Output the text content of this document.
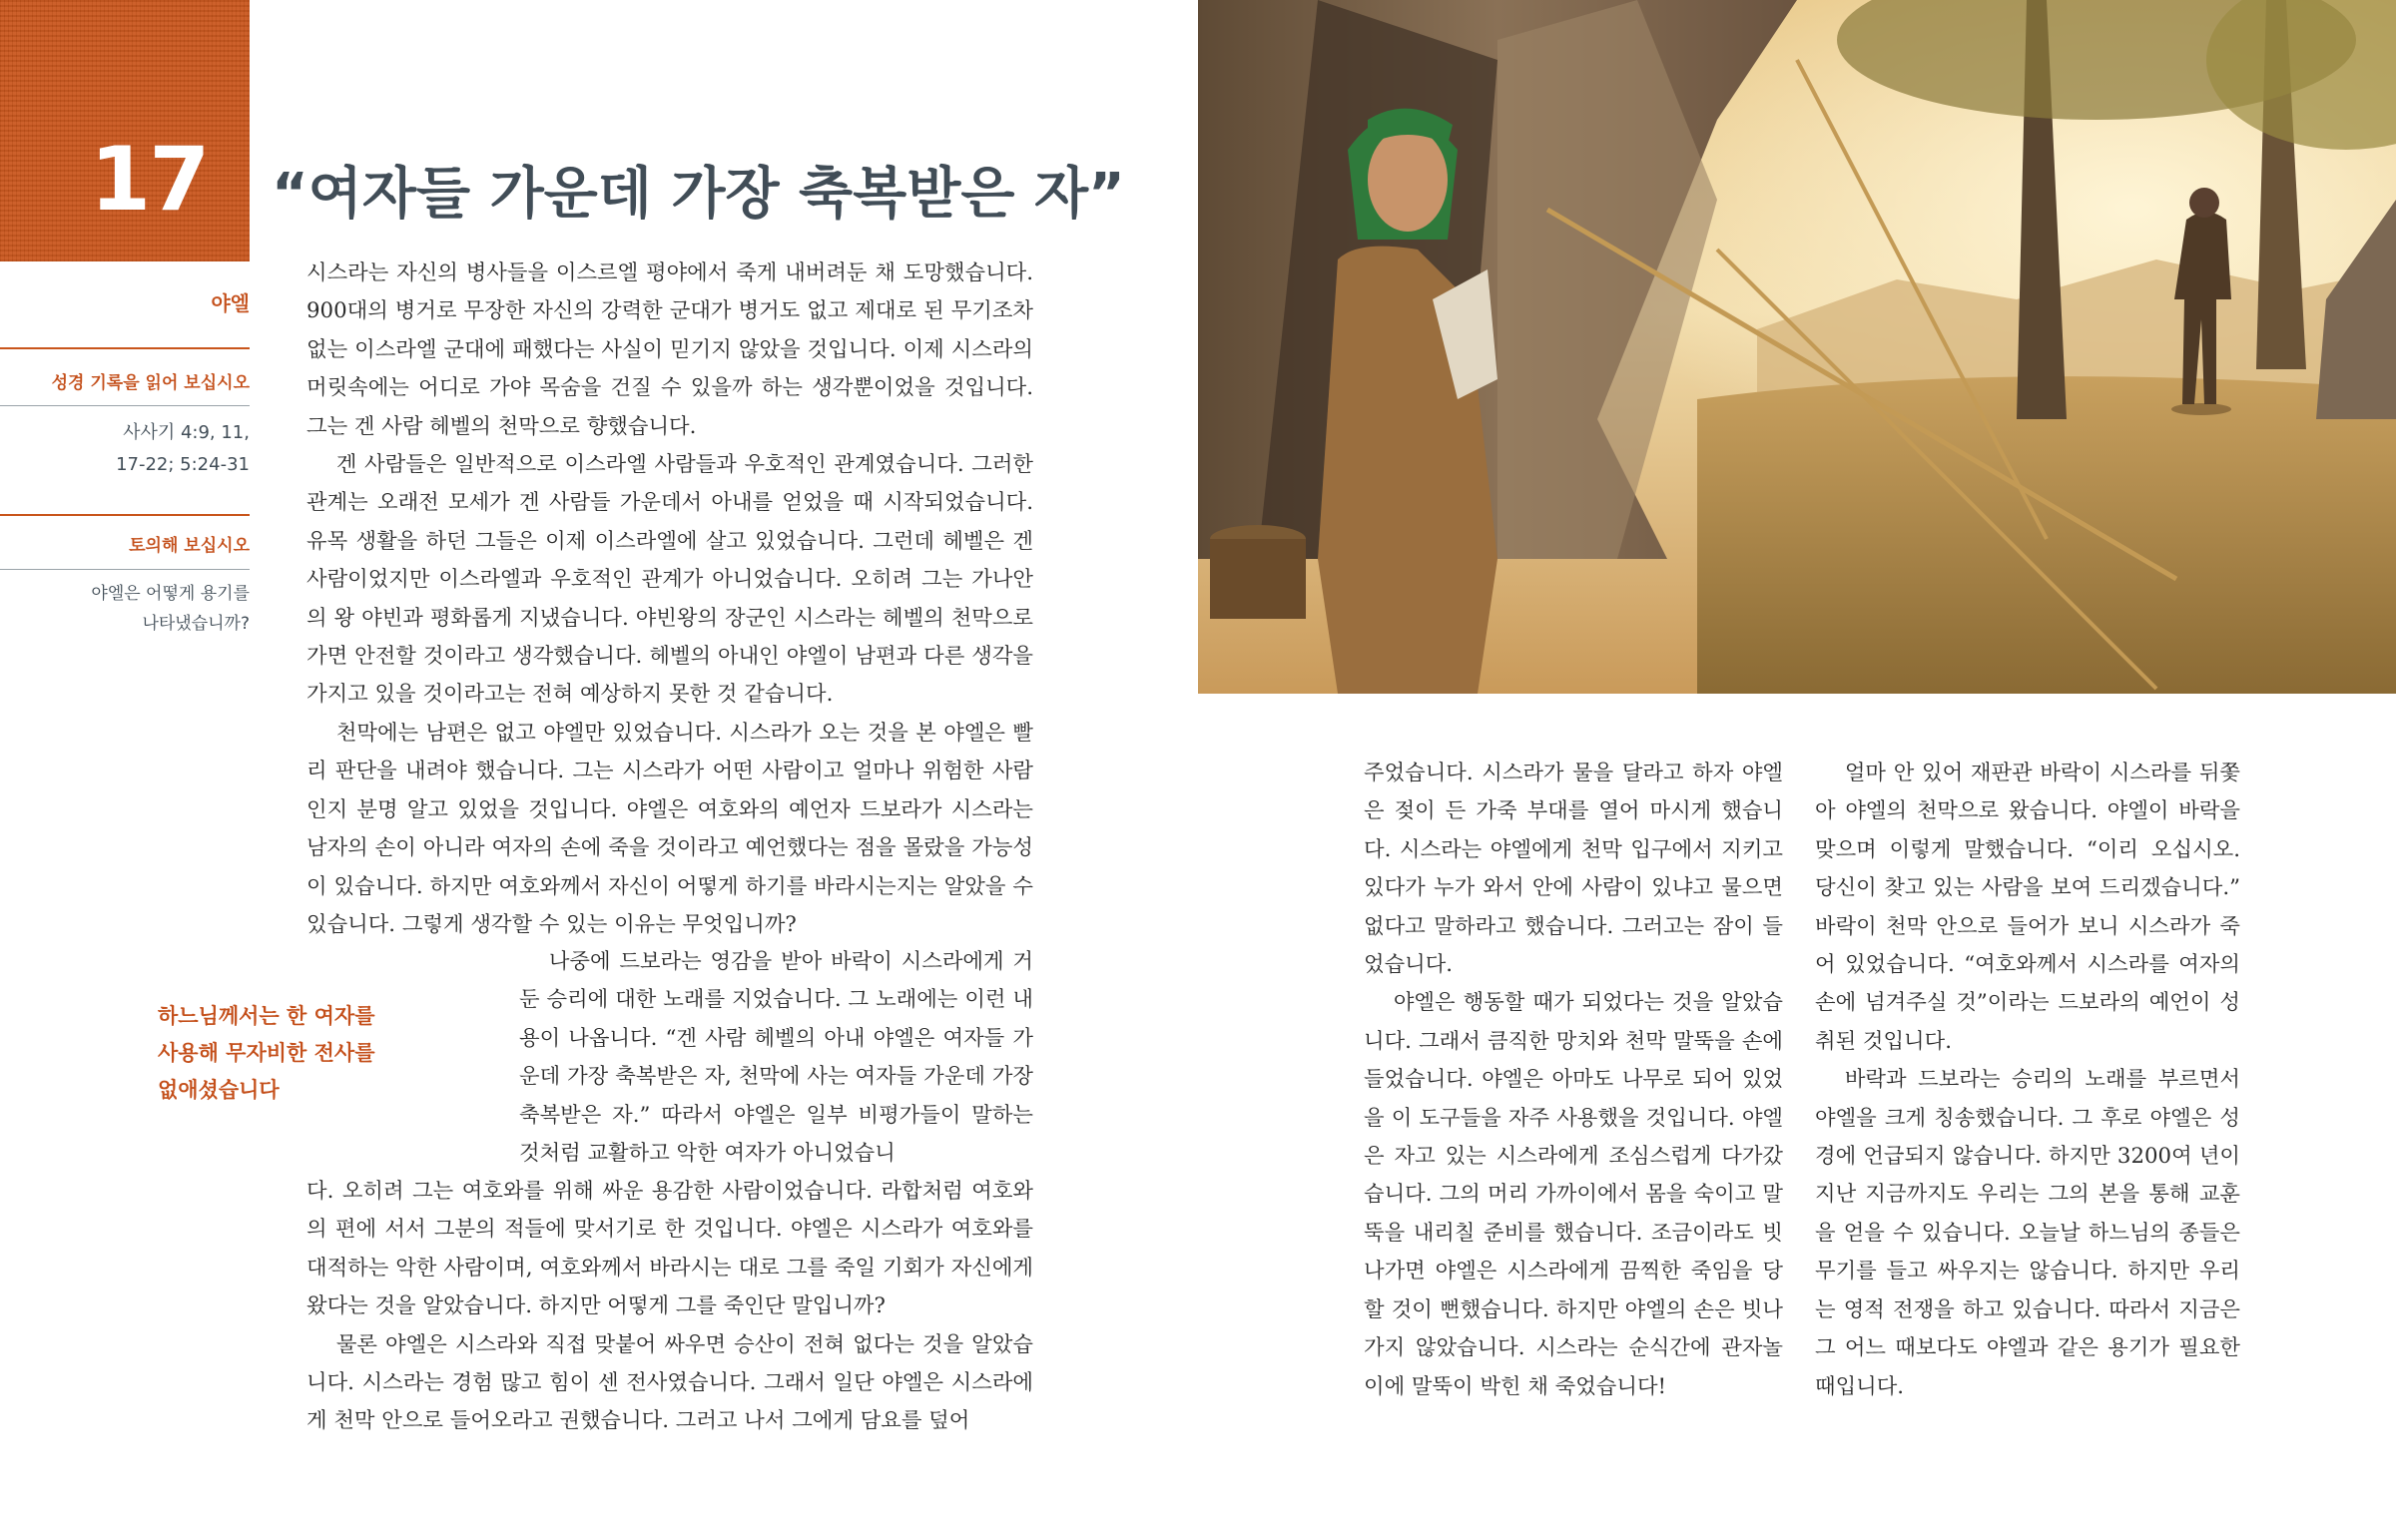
17 “여자들 가운데 가장 축복받은 자”
야엘
성경 기록을 읽어 보십시오
사사기 4:9, 11,
17-22; 5:24-31
토의해 보십시오
야엘은 어떻게 용기를
나타냈습니까?
하느님께서는 한 여자를
사용해 무자비한 전사를
없애셨습니다

시스라는 자신의 병사들을 이스르엘 평야에서 죽게 내버려둔 채 도망했습니다. 900대의 병거로 무장한 자신의 강력한 군대가 병거도 없고 제대로 된 무기조차 없는 이스라엘 군대에 패했다는 사실이 믿기지 않았을 것입니다. 이제 시스라의 머릿속에는 어디로 가야 목숨을 건질 수 있을까 하는 생각뿐이었을 것입니다. 그는 겐 사람 헤벨의 천막으로 향했습니다.

겐 사람들은 일반적으로 이스라엘 사람들과 우호적인 관계였습니다. 그러한 관계는 오래전 모세가 겐 사람들 가운데서 아내를 얻었을 때 시작되었습니다. 유목 생활을 하던 그들은 이제 이스라엘에 살고 있었습니다. 그런데 헤벨은 겐 사람이었지만 이스라엘과 우호적인 관계가 아니었습니다. 오히려 그는 가나안의 왕 야빈과 평화롭게 지냈습니다. 야빈왕의 장군인 시스라는 헤벨의 천막으로 가면 안전할 것이라고 생각했습니다. 헤벨의 아내인 야엘이 남편과 다른 생각을 가지고 있을 것이라고는 전혀 예상하지 못한 것 같습니다.

천막에는 남편은 없고 야엘만 있었습니다. 시스라가 오는 것을 본 야엘은 빨리 판단을 내려야 했습니다. 그는 시스라가 어떤 사람이고 얼마나 위험한 사람인지 분명 알고 있었을 것입니다. 야엘은 여호와의 예언자 드보라가 시스라는 남자의 손이 아니라 여자의 손에 죽을 것이라고 예언했다는 점을 몰랐을 가능성이 있습니다. 하지만 여호와께서 자신이 어떻게 하기를 바라시는지는 알았을 수 있습니다. 그렇게 생각할 수 있는 이유는 무엇입니까?

나중에 드보라는 영감을 받아 바락이 시스라에게 거둔 승리에 대한 노래를 지었습니다. 그 노래에는 이런 내용이 나옵니다. “겐 사람 헤벨의 아내 야엘은 여자들 가운데 가장 축복받은 자, 천막에 사는 여자들 가운데 가장 축복받은 자.” 따라서 야엘은 일부 비평가들이 말하는 것처럼 교활하고 악한 여자가 아니었습니

다. 오히려 그는 여호와를 위해 싸운 용감한 사람이었습니다. 라합처럼 여호와의 편에 서서 그분의 적들에 맞서기로 한 것입니다. 야엘은 시스라가 여호와를 대적하는 악한 사람이며, 여호와께서 바라시는 대로 그를 죽일 기회가 자신에게 왔다는 것을 알았습니다. 하지만 어떻게 그를 죽인단 말입니까?

물론 야엘은 시스라와 직접 맞붙어 싸우면 승산이 전혀 없다는 것을 알았습니다. 시스라는 경험 많고 힘이 센 전사였습니다. 그래서 일단 야엘은 시스라에게 천막 안으로 들어오라고 권했습니다. 그러고 나서 그에게 담요를 덮어

주었습니다. 시스라가 물을 달라고 하자 야엘은 젖이 든 가죽 부대를 열어 마시게 했습니다. 시스라는 야엘에게 천막 입구에서 지키고 있다가 누가 와서 안에 사람이 있냐고 물으면 없다고 말하라고 했습니다. 그러고는 잠이 들었습니다.

야엘은 행동할 때가 되었다는 것을 알았습니다. 그래서 큼직한 망치와 천막 말뚝을 손에 들었습니다. 야엘은 아마도 나무로 되어 있었을 이 도구들을 자주 사용했을 것입니다. 야엘은 자고 있는 시스라에게 조심스럽게 다가갔습니다. 그의 머리 가까이에서 몸을 숙이고 말뚝을 내리칠 준비를 했습니다. 조금이라도 빗나가면 야엘은 시스라에게 끔찍한 죽임을 당할 것이 뻔했습니다. 하지만 야엘의 손은 빗나가지 않았습니다. 시스라는 순식간에 관자놀이에 말뚝이 박힌 채 죽었습니다!

얼마 안 있어 재판관 바락이 시스라를 뒤쫓아 야엘의 천막으로 왔습니다. 야엘이 바락을 맞으며 이렇게 말했습니다. “이리 오십시오. 당신이 찾고 있는 사람을 보여 드리겠습니다.” 바락이 천막 안으로 들어가 보니 시스라가 죽어 있었습니다. “여호와께서 시스라를 여자의 손에 넘겨주실 것”이라는 드보라의 예언이 성취된 것입니다.

바락과 드보라는 승리의 노래를 부르면서 야엘을 크게 칭송했습니다. 그 후로 야엘은 성경에 언급되지 않습니다. 하지만 3200여 년이 지난 지금까지도 우리는 그의 본을 통해 교훈을 얻을 수 있습니다. 오늘날 하느님의 종들은 무기를 들고 싸우지는 않습니다. 하지만 우리는 영적 전쟁을 하고 있습니다. 따라서 지금은 그 어느 때보다도 야엘과 같은 용기가 필요한 때입니다.
